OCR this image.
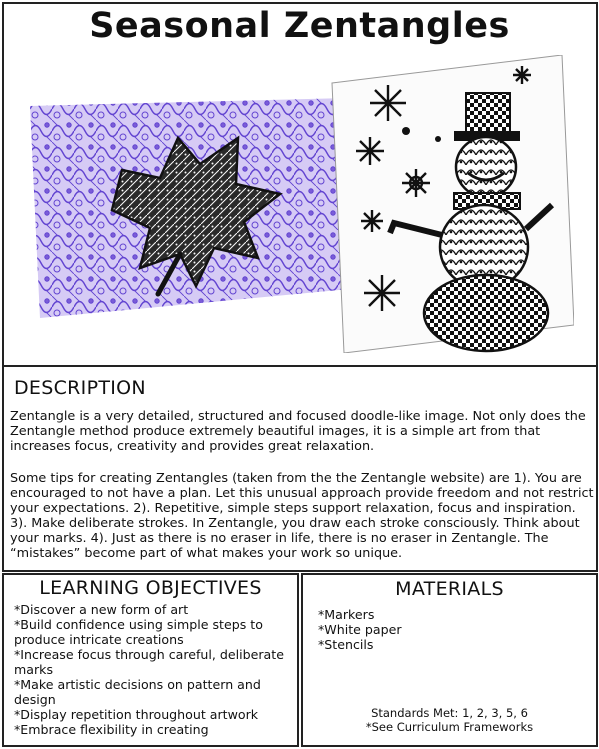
Seasonal Zentangles
DESCRIPTION

Zentangle is a very detailed, structured and focused doodle-like image. Not only does the Zentangle method produce extremely beautiful images, it is a simple art from that increases focus, creativity and provides great relaxation.

Some tips for creating Zentangles (taken from the the Zentangle website) are 1). You are encouraged to not have a plan. Let this unusual approach provide freedom and not restrict your expectations. 2). Repetitive, simple steps support relaxation, focus and inspiration. 3). Make deliberate strokes. In Zentangle, you draw each stroke consciously. Think about your marks. 4). Just as there is no eraser in life, there is no eraser in Zentangle. The “mistakes” become part of what makes your work so unique.

LEARNING OBJECTIVES
*Discover a new form of art
*Build confidence using simple steps to produce intricate creations
*Increase focus through careful, deliberate marks
*Make artistic decisions on pattern and design
*Display repetition throughout artwork
*Embrace flexibility in creating
MATERIALS
*Markers
*White paper
*Stencils
Standards Met: 1, 2, 3, 5, 6
*See Curriculum Frameworks
